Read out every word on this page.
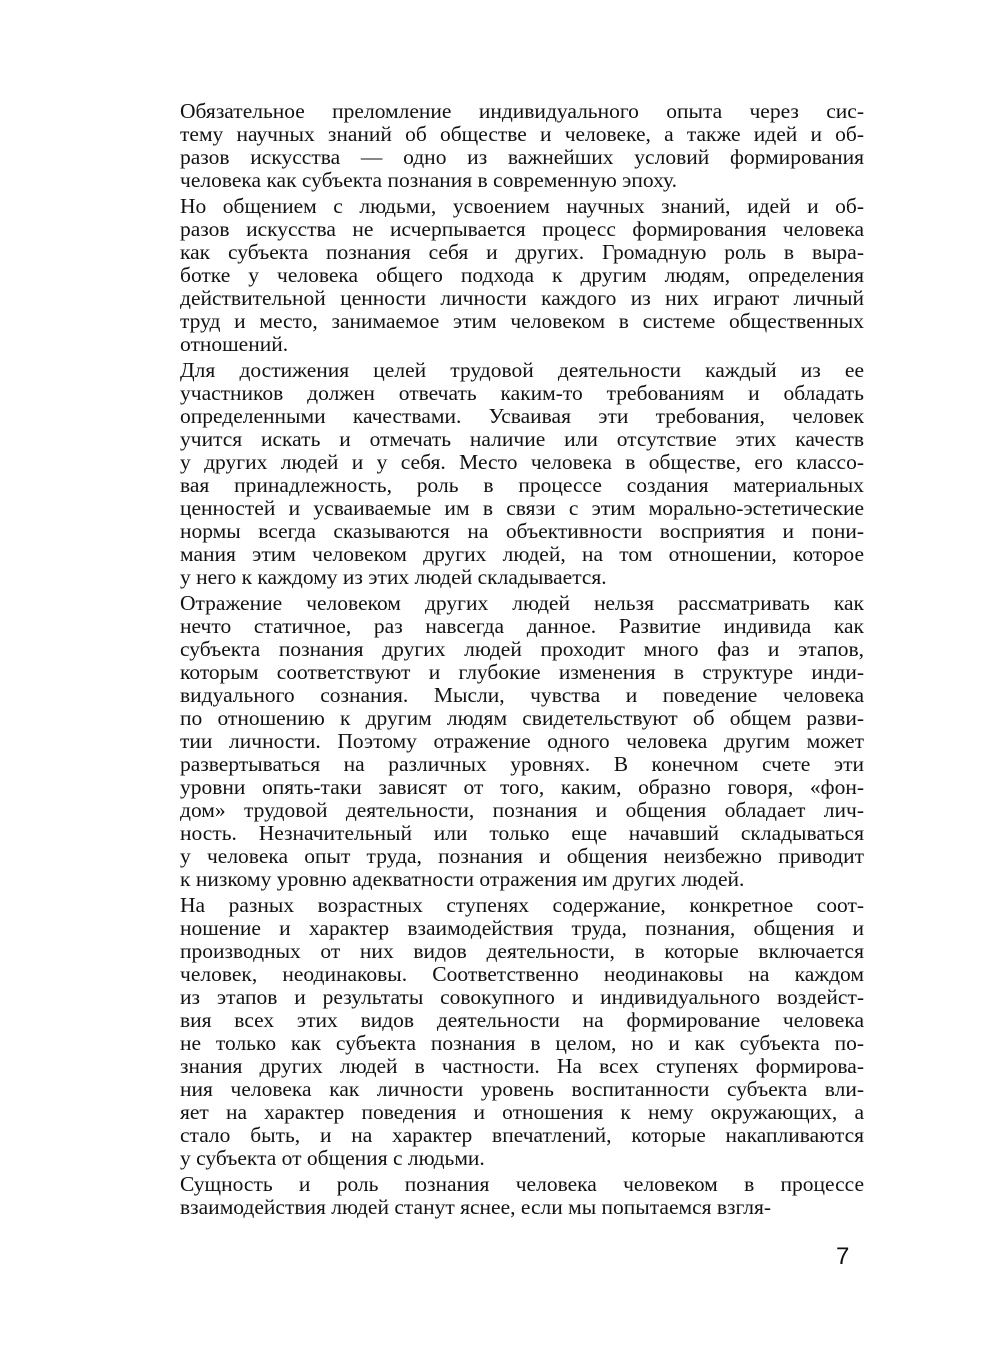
Обязательное преломление индивидуального опыта через сис-
тему научных знаний об обществе и человеке, а также идей и об-
разов искусства — одно из важнейших условий формирования
человека как субъекта познания в современную эпоху.
Но общением с людьми, усвоением научных знаний, идей и об-
разов искусства не исчерпывается процесс формирования человека
как субъекта познания себя и других. Громадную роль в выра-
ботке у человека общего подхода к другим людям, определения
действительной ценности личности каждого из них играют личный
труд и место, занимаемое этим человеком в системе общественных
отношений.
Для достижения целей трудовой деятельности каждый из ее
участников должен отвечать каким-то требованиям и обладать
определенными качествами. Усваивая эти требования, человек
учится искать и отмечать наличие или отсутствие этих качеств
у других людей и у себя. Место человека в обществе, его классо-
вая принадлежность, роль в процессе создания материальных
ценностей и усваиваемые им в связи с этим морально-эстетические
нормы всегда сказываются на объективности восприятия и пони-
мания этим человеком других людей, на том отношении, которое
у него к каждому из этих людей складывается.
Отражение человеком других людей нельзя рассматривать как
нечто статичное, раз навсегда данное. Развитие индивида как
субъекта познания других людей проходит много фаз и этапов,
которым соответствуют и глубокие изменения в структуре инди-
видуального сознания. Мысли, чувства и поведение человека
по отношению к другим людям свидетельствуют об общем разви-
тии личности. Поэтому отражение одного человека другим может
развертываться на различных уровнях. В конечном счете эти
уровни опять-таки зависят от того, каким, образно говоря, «фон-
дом» трудовой деятельности, познания и общения обладает лич-
ность. Незначительный или только еще начавший складываться
у человека опыт труда, познания и общения неизбежно приводит
к низкому уровню адекватности отражения им других людей.
На разных возрастных ступенях содержание, конкретное соот-
ношение и характер взаимодействия труда, познания, общения и
производных от них видов деятельности, в которые включается
человек, неодинаковы. Соответственно неодинаковы на каждом
из этапов и результаты совокупного и индивидуального воздейст-
вия всех этих видов деятельности на формирование человека
не только как субъекта познания в целом, но и как субъекта по-
знания других людей в частности. На всех ступенях формирова-
ния человека как личности уровень воспитанности субъекта вли-
яет на характер поведения и отношения к нему окружающих, а
стало быть, и на характер впечатлений, которые накапливаются
у субъекта от общения с людьми.
Сущность и роль познания человека человеком в процессе
взаимодействия людей станут яснее, если мы попытаемся взгля-
7
